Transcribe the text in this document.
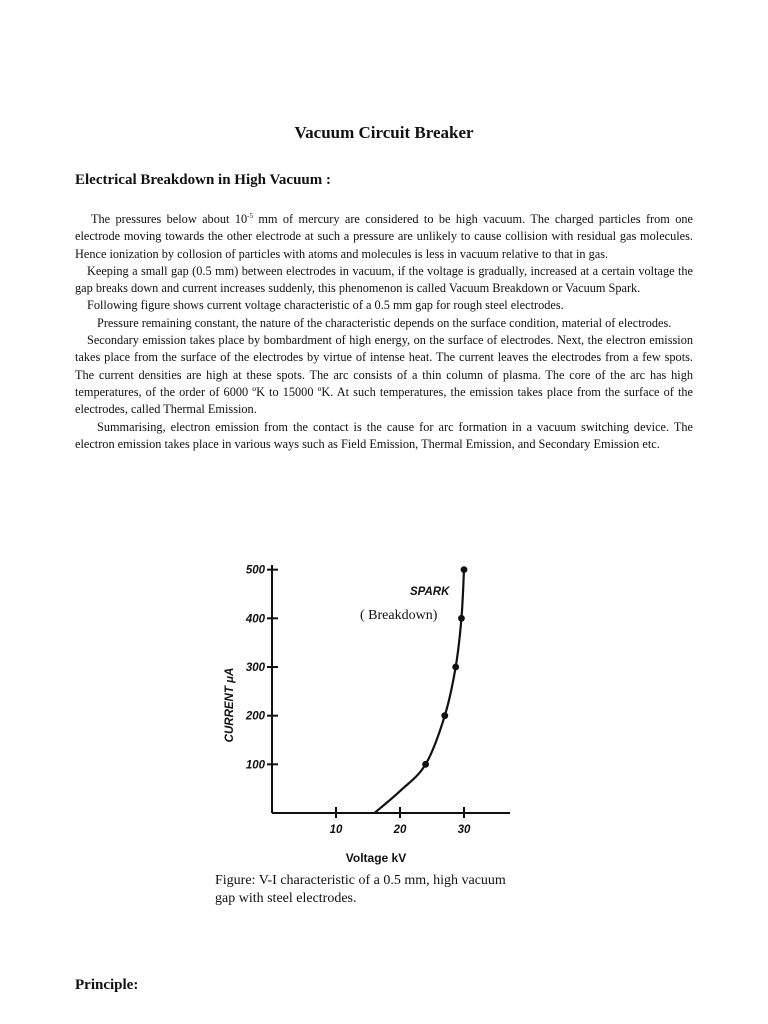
Vacuum Circuit Breaker
Electrical Breakdown in High Vacuum :

The pressures below about $10^{-5}$ mm of mercury are considered to be high vacuum. The charged particles from one electrode moving towards the other electrode at such a pressure are unlikely to cause collision with residual gas molecules. Hence ionization by collosion of particles with atoms and molecules is less in vacuum relative to that in gas.

Keeping a small gap (0.5 mm) between electrodes in vacuum, if the voltage is gradually, increased at a certain voltage the gap breaks down and current increases suddenly, this phenomenon is called Vacuum Breakdown or Vacuum Spark.

Following figure shows current voltage characteristic of a 0.5 mm gap for rough steel electrodes.

Pressure remaining constant, the nature of the characteristic depends on the surface condition, material of electrodes.

Secondary emission takes place by bombardment of high energy, on the surface of electrodes. Next, the electron emission takes place from the surface of the electrodes by virtue of intense heat. The current leaves the electrodes from a few spots. The current densities are high at these spots. The arc consists of a thin column of plasma. The core of the arc has high temperatures, of the order of 6000 ºK to 15000 ºK. At such temperatures, the emission takes place from the surface of the electrodes, called Thermal Emission.

Summarising, electron emission from the contact is the cause for arc formation in a vacuum switching device. The electron emission takes place in various ways such as Field Emission, Thermal Emission, and Secondary Emission etc.

100
200
300
400
500
10	20	30
SPARK
( Breakdown)
CURRENT μA
Voltage kV
Figure: V-I characteristic of a 0.5 mm, high vacuum
gap with steel electrodes.
Principle:
